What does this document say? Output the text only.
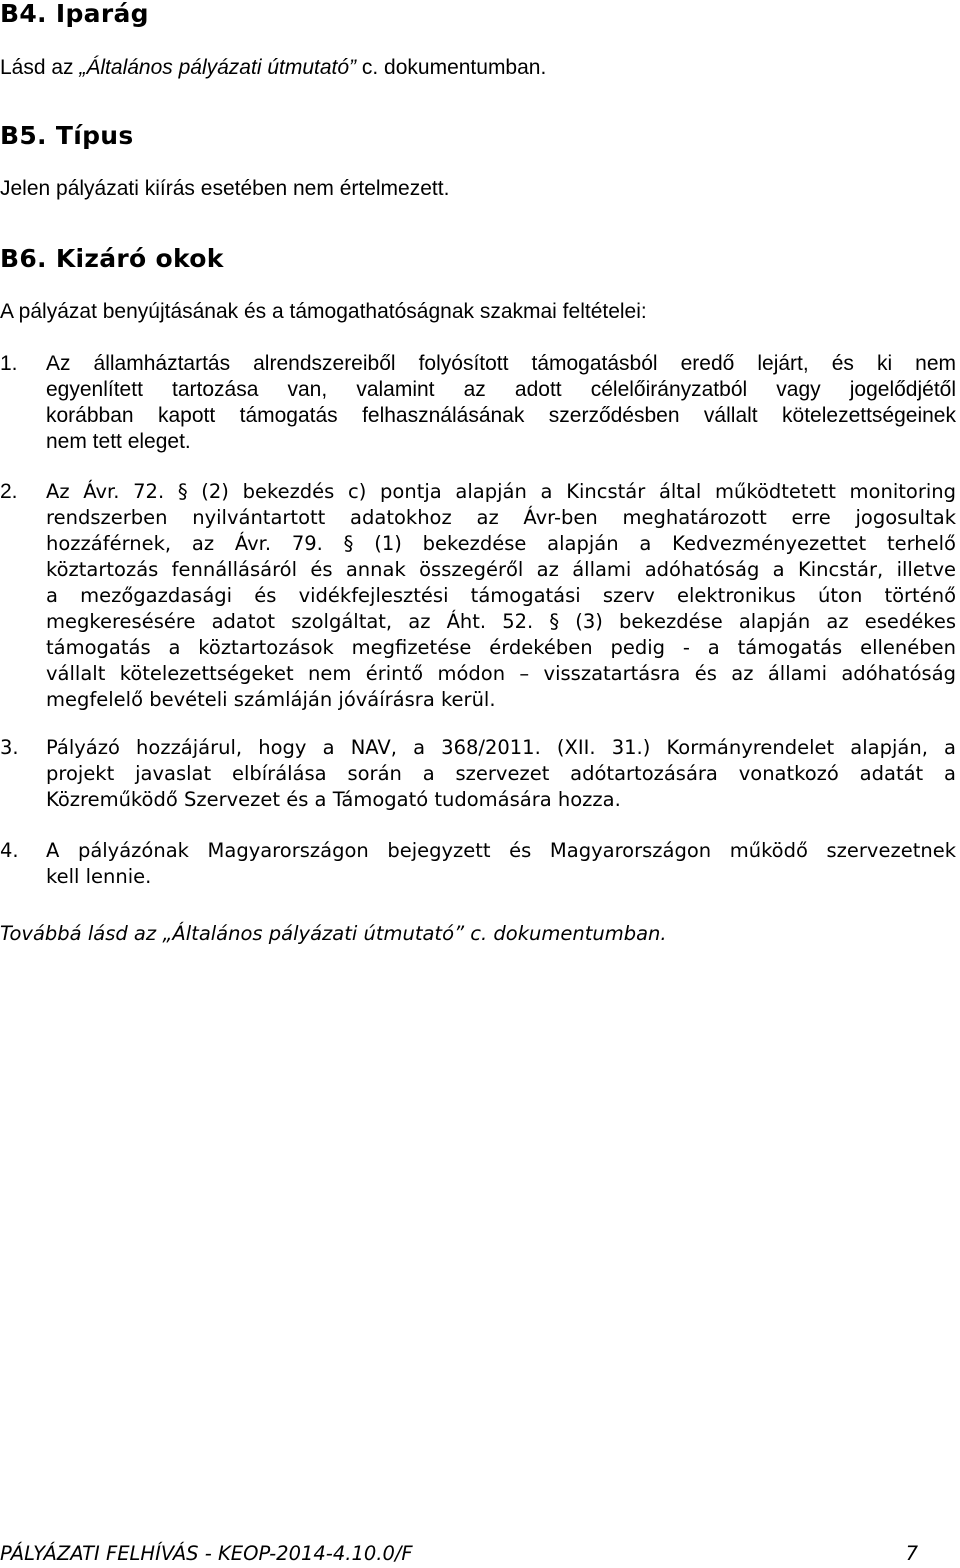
B4. Iparág

Lásd az „Általános pályázati útmutató” c. dokumentumban.

B5. Típus

Jelen pályázati kiírás esetében nem értelmezett.

B6. Kizáró okok

A pályázat benyújtásának és a támogathatóságnak szakmai feltételei:

1. Az államháztartás alrendszereiből folyósított támogatásból eredő lejárt, és ki nem
egyenlített tartozása van, valamint az adott célelőirányzatból vagy jogelődjétől
korábban kapott támogatás felhasználásának szerződésben vállalt kötelezettségeinek
nem tett eleget.
2. Az Ávr. 72. § (2) bekezdés c) pontja alapján a Kincstár által működtetett monitoring
rendszerben nyilvántartott adatokhoz az Ávr-ben meghatározott erre jogosultak
hozzáférnek, az Ávr. 79. § (1) bekezdése alapján a Kedvezményezettet terhelő
köztartozás fennállásáról és annak összegéről az állami adóhatóság a Kincstár, illetve
a mezőgazdasági és vidékfejlesztési támogatási szerv elektronikus úton történő
megkeresésére adatot szolgáltat, az Áht. 52. § (3) bekezdése alapján az esedékes
támogatás a köztartozások megfizetése érdekében pedig - a támogatás ellenében
vállalt kötelezettségeket nem érintő módon – visszatartásra és az állami adóhatóság
megfelelő bevételi számláján jóváírásra kerül.
3. Pályázó hozzájárul, hogy a NAV, a 368/2011. (XII. 31.) Kormányrendelet alapján, a
projekt javaslat elbírálása során a szervezet adótartozására vonatkozó adatát a
Közreműködő Szervezet és a Támogató tudomására hozza.
4. A pályázónak Magyarországon bejegyzett és Magyarországon működő szervezetnek
kell lennie.

Továbbá lásd az „Általános pályázati útmutató” c. dokumentumban.

PÁLYÁZATI FELHÍVÁS - KEOP-2014-4.10.0/F	7
